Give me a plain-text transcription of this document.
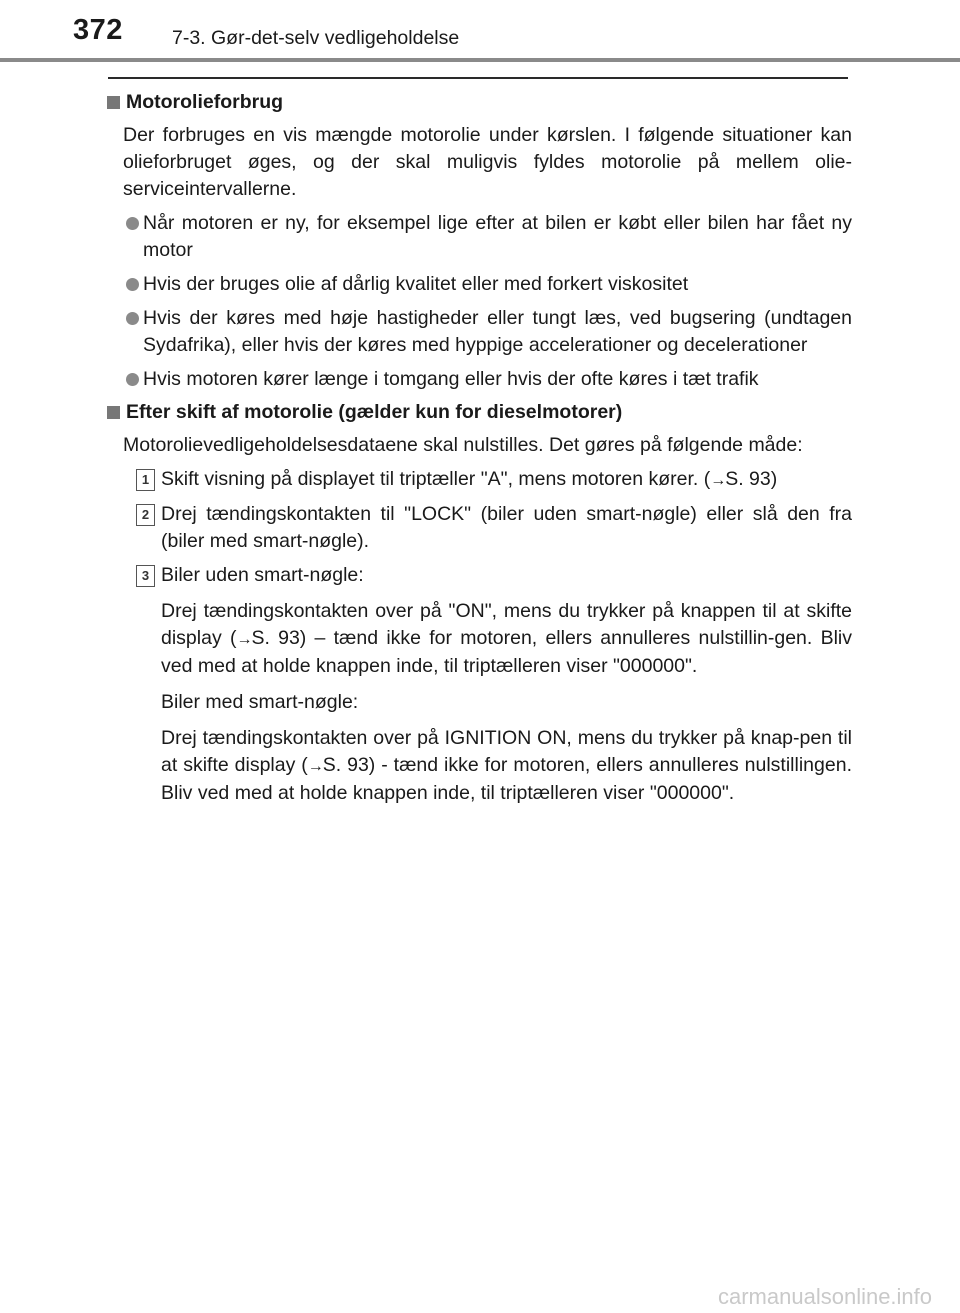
372	7-3. Gør-det-selv vedligeholdelse
Motorolieforbrug

Der forbruges en vis mængde motorolie under kørslen. I følgende situationer kan olieforbruget øges, og der skal muligvis fyldes motorolie på mellem olie-serviceintervallerne.

Når motoren er ny, for eksempel lige efter at bilen er købt eller bilen har fået ny motor
Hvis der bruges olie af dårlig kvalitet eller med forkert viskositet
Hvis der køres med høje hastigheder eller tungt læs, ved bugsering (undtagen Sydafrika), eller hvis der køres med hyppige accelerationer og decelerationer
Hvis motoren kører længe i tomgang eller hvis der ofte køres i tæt trafik
Efter skift af motorolie (gælder kun for dieselmotorer)

Motorolievedligeholdelsesdataene skal nulstilles. Det gøres på følgende måde:

1 Skift visning på displayet til triptæller "A", mens motoren kører. (→S. 93)
2 Drej tændingskontakten til "LOCK" (biler uden smart-nøgle) eller slå den fra (biler med smart-nøgle).
3 Biler uden smart-nøgle:

Drej tændingskontakten over på "ON", mens du trykker på knappen til at skifte display (→S. 93) – tænd ikke for motoren, ellers annulleres nulstillin-gen. Bliv ved med at holde knappen inde, til triptælleren viser "000000".

Biler med smart-nøgle:

Drej tændingskontakten over på IGNITION ON, mens du trykker på knap-pen til at skifte display (→S. 93) - tænd ikke for motoren, ellers annulleres nulstillingen. Bliv ved med at holde knappen inde, til triptælleren viser "000000".

carmanualsonline.info
